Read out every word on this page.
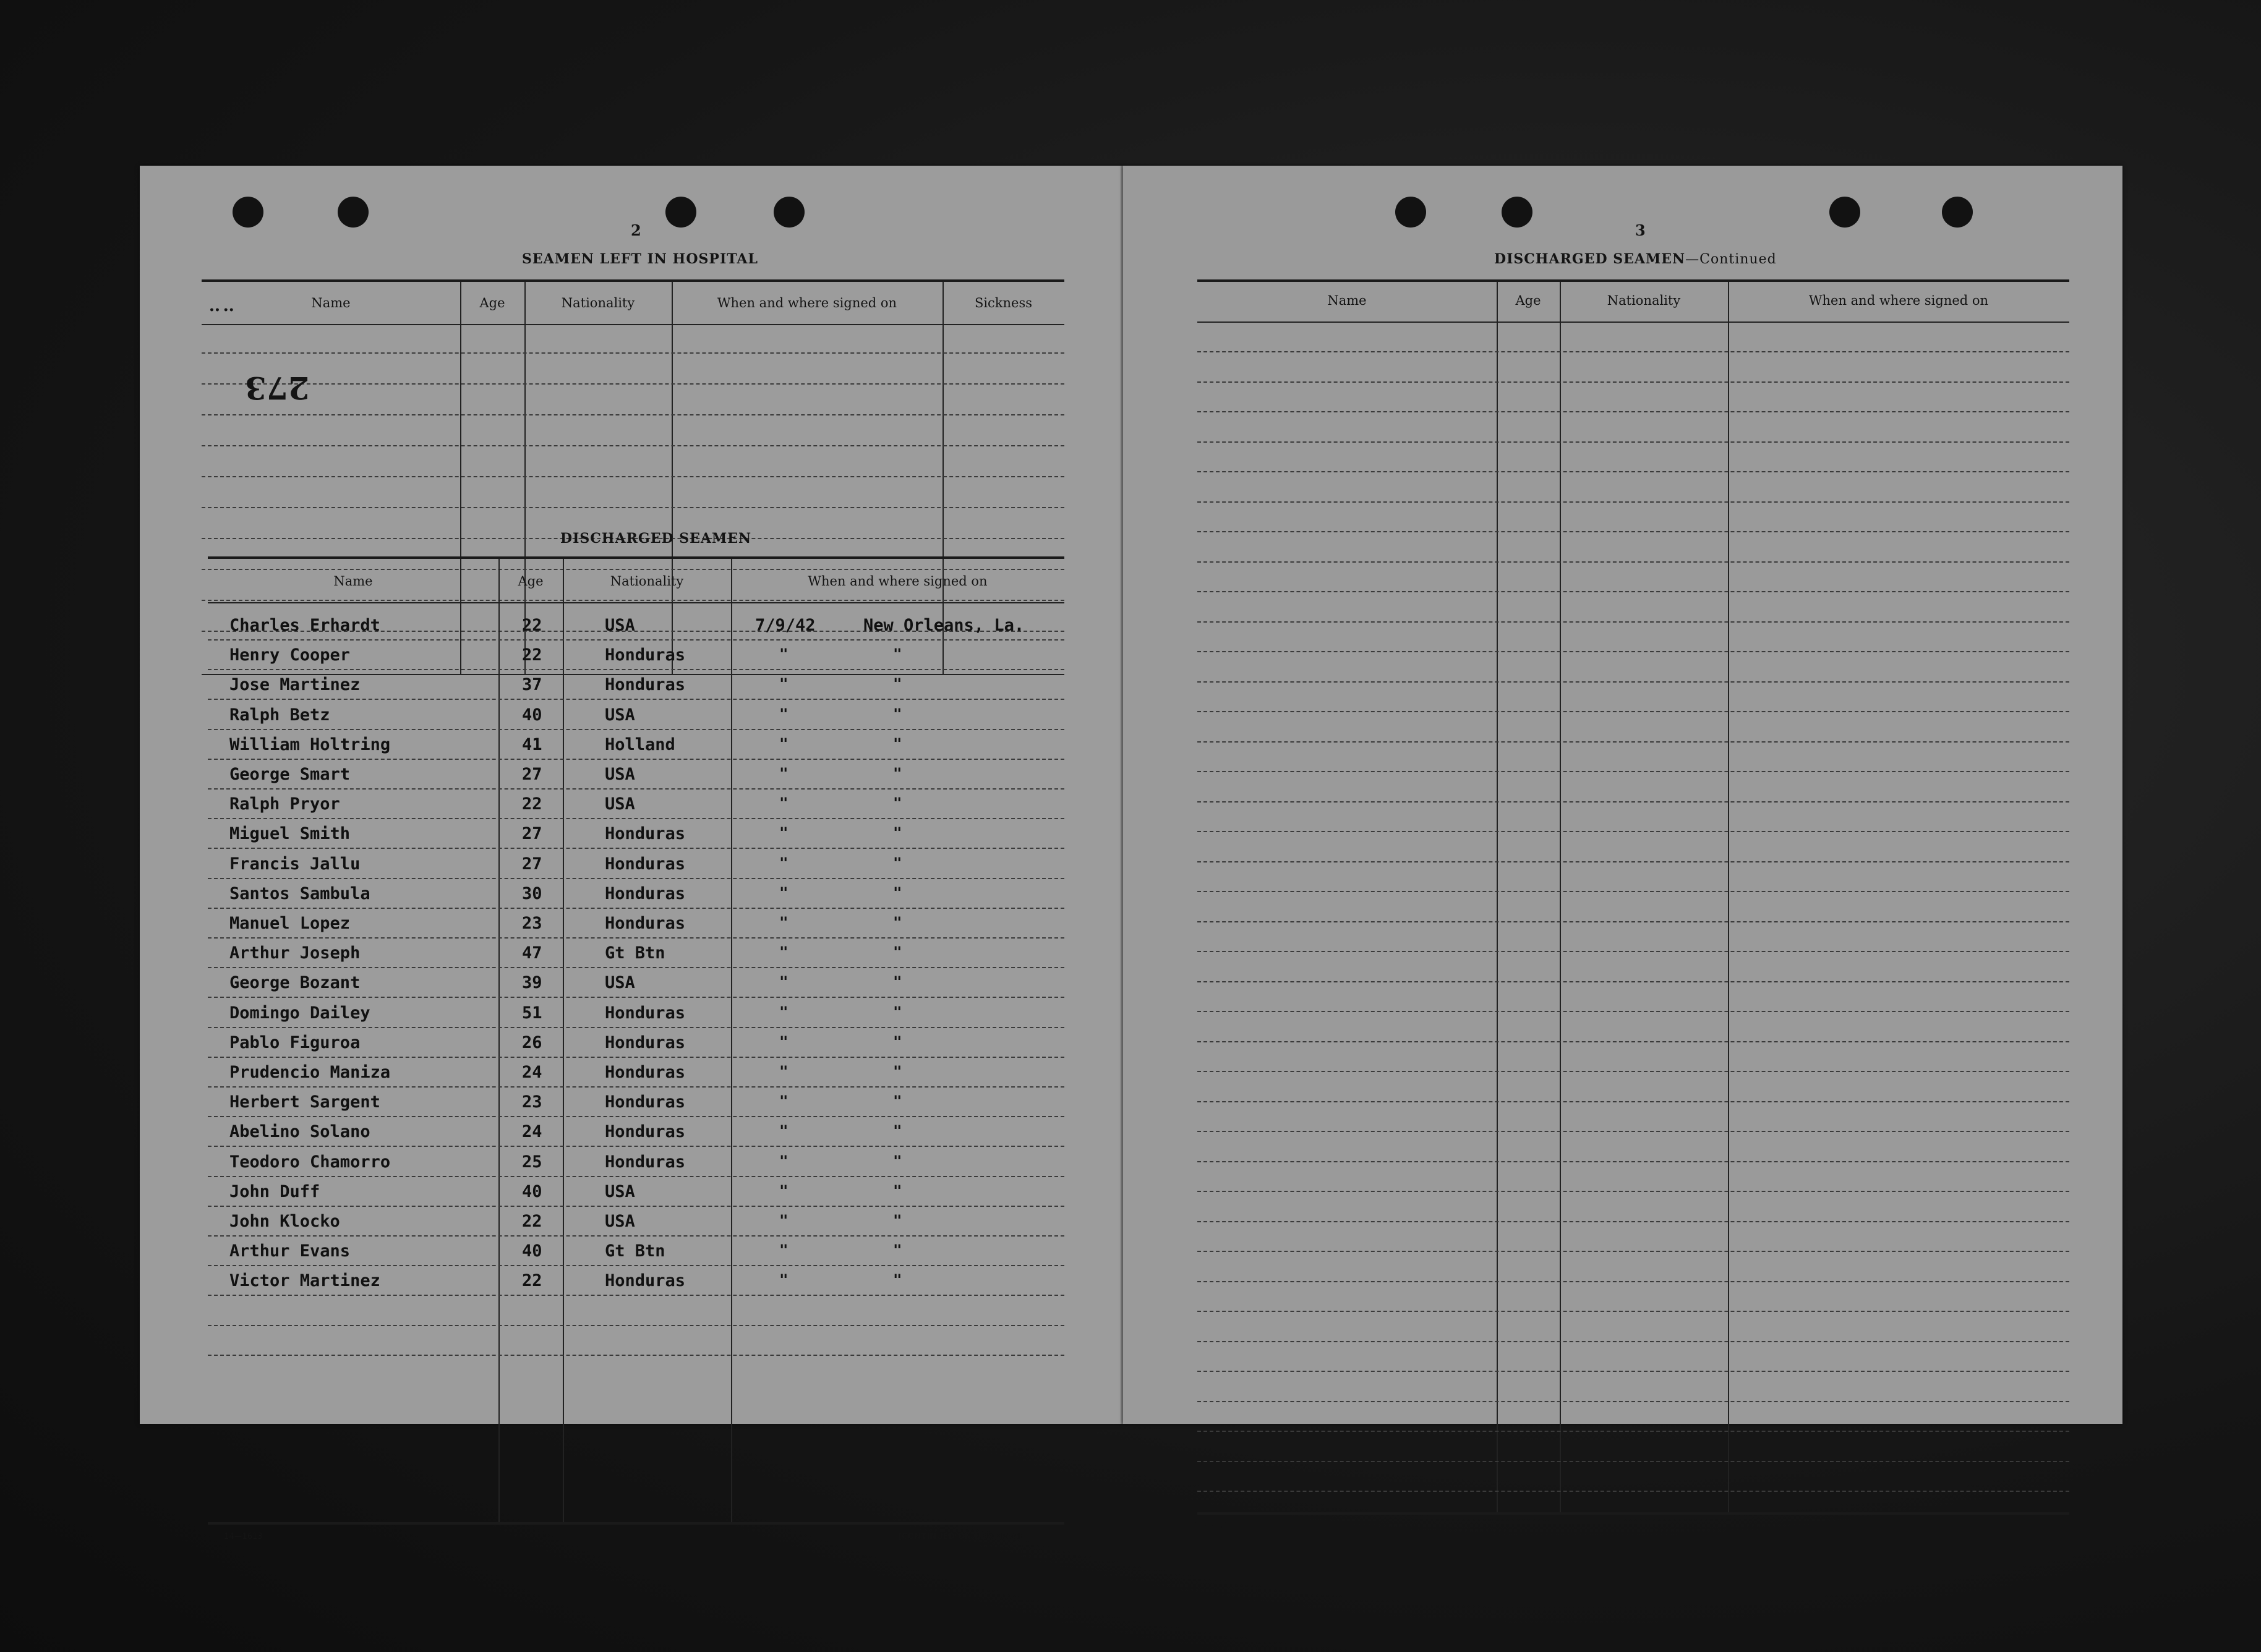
2
SEAMEN LEFT IN HOSPITAL
Name	Age	Nationality	When and where signed on	Sickness
•• ••
273
DISCHARGED SEAMEN
Name	Age	Nationality	When and where signed on
Charles Erhardt	22	USA	7/9/42	New Orleans, La.
Henry Cooper	22	Honduras	"	"
Jose Martinez	37	Honduras	"	"
Ralph Betz	40	USA	"	"
William Holtring	41	Holland	"	"
George Smart	27	USA	"	"
Ralph Pryor	22	USA	"	"
Miguel Smith	27	Honduras	"	"
Francis Jallu	27	Honduras	"	"
Santos Sambula	30	Honduras	"	"
Manuel Lopez	23	Honduras	"	"
Arthur Joseph	47	Gt Btn	"	"
George Bozant	39	USA	"	"
Domingo Dailey	51	Honduras	"	"
Pablo Figuroa	26	Honduras	"	"
Prudencio Maniza	24	Honduras	"	"
Herbert Sargent	23	Honduras	"	"
Abelino Solano	24	Honduras	"	"
Teodoro Chamorro	25	Honduras	"	"
John Duff	40	USA	"	"
John Klocko	22	USA	"	"
Arthur Evans	40	Gt Btn	"	"
Victor Martinez	22	Honduras	"	"
14—1613	[CONTINUED ON NEXT PAGE]
3
DISCHARGED SEAMEN—Continued
Name	Age	Nationality	When and where signed on
14—1613
